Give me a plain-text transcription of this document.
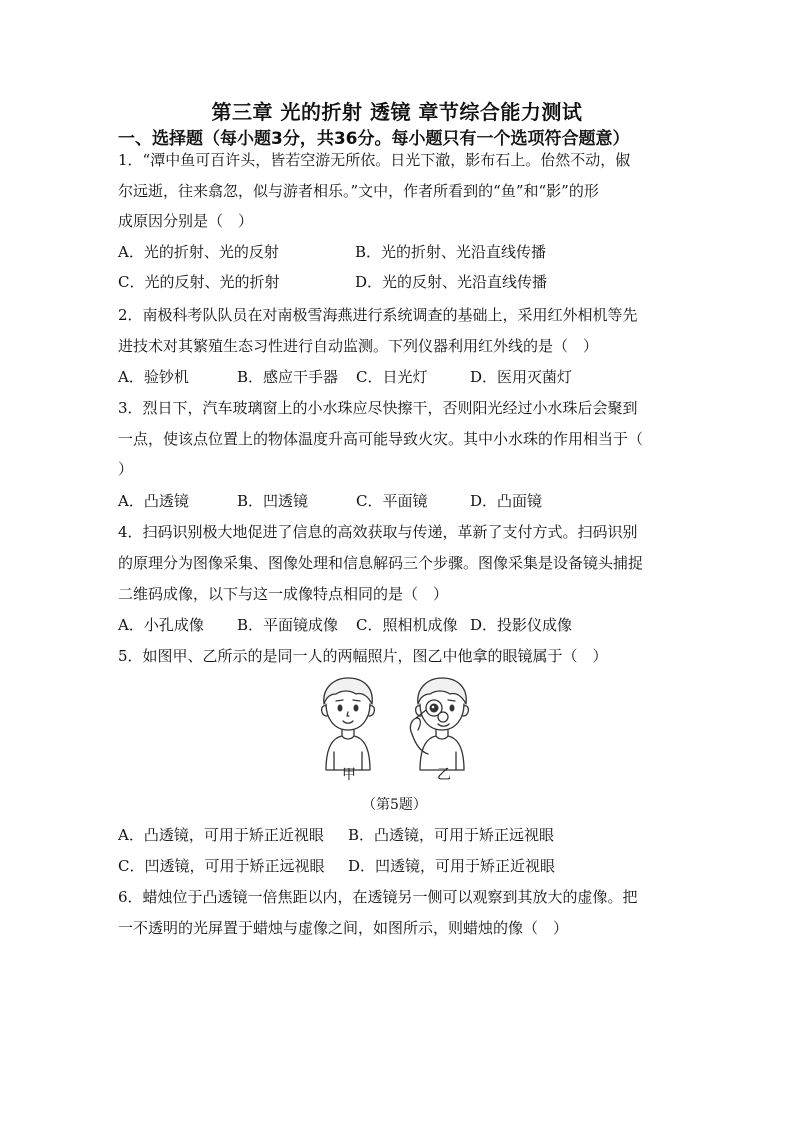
第三章 光的折射 透镜 章节综合能力测试
一、选择题（每小题3分，共36分。每小题只有一个选项符合题意）
1．“潭中鱼可百许头，皆若空游无所依。日光下澈，影布石上。佁然不动，俶
尔远逝，往来翕忽，似与游者相乐。”文中，作者所看到的“鱼”和“影”的形
成原因分别是（　）
A．光的折射、光的反射	B．光的折射、光沿直线传播
C．光的反射、光的折射	D．光的反射、光沿直线传播
2．南极科考队队员在对南极雪海燕进行系统调查的基础上，采用红外相机等先
进技术对其繁殖生态习性进行自动监测。下列仪器利用红外线的是（　）
A．验钞机	B．感应干手器 C．日光灯	D．医用灭菌灯
3．烈日下，汽车玻璃窗上的小水珠应尽快擦干，否则阳光经过小水珠后会聚到
一点，使该点位置上的物体温度升高可能导致火灾。其中小水珠的作用相当于（
）
A．凸透镜	B．凹透镜	C．平面镜	D．凸面镜
4．扫码识别极大地促进了信息的高效获取与传递，革新了支付方式。扫码识别
的原理分为图像采集、图像处理和信息解码三个步骤。图像采集是设备镜头捕捉
二维码成像，以下与这一成像特点相同的是（　）
A．小孔成像 B．平面镜成像 C．照相机成像 D．投影仪成像
5．如图甲、乙所示的是同一人的两幅照片，图乙中他拿的眼镜属于（　）
甲	乙
（第5题）
A．凸透镜，可用于矫正近视眼 B．凸透镜，可用于矫正远视眼
C．凹透镜，可用于矫正远视眼 D．凹透镜，可用于矫正近视眼
6．蜡烛位于凸透镜一倍焦距以内，在透镜另一侧可以观察到其放大的虚像。把
一不透明的光屏置于蜡烛与虚像之间，如图所示，则蜡烛的像（　）
